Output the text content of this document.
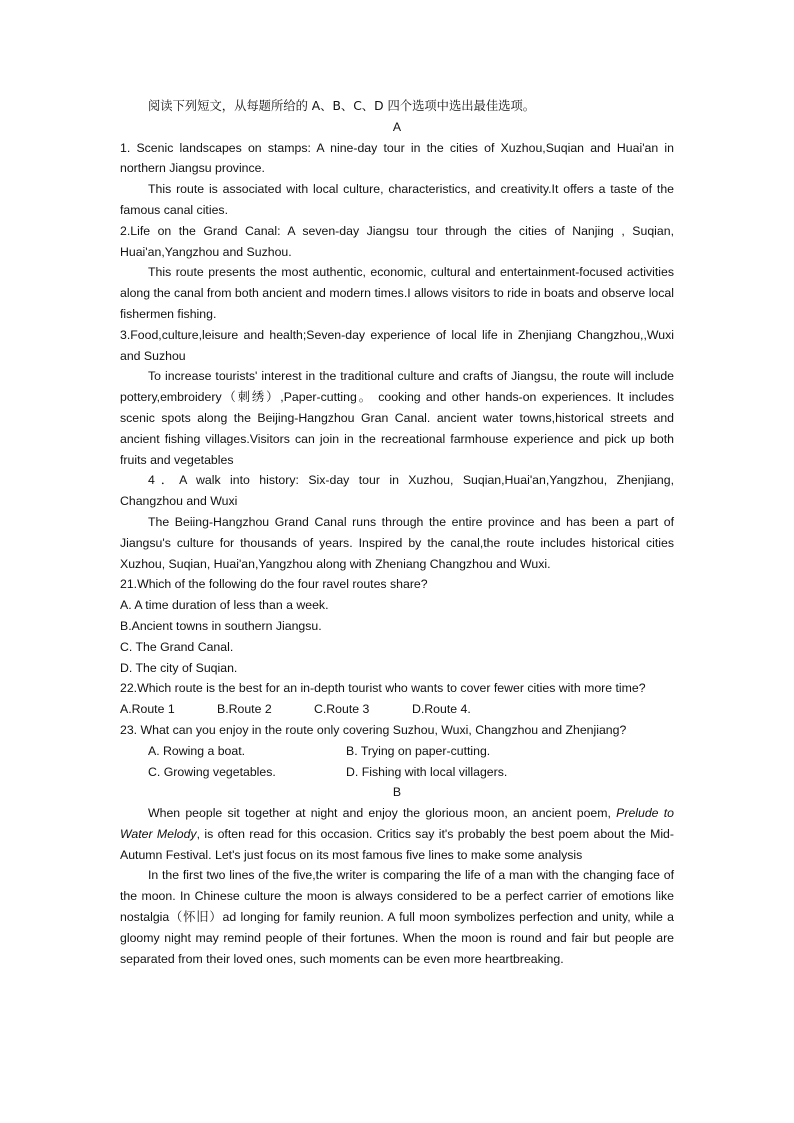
阅读下列短文，从每题所给的 A、B、C、D 四个选项中选出最佳选项。

A

1. Scenic landscapes on stamps: A nine-day tour in the cities of Xuzhou,Suqian and Huai'an in northern Jiangsu province.

This route is associated with local culture, characteristics, and creativity.It offers a taste of the famous canal cities.

2.Life on the Grand Canal: A seven-day Jiangsu tour through the cities of Nanjing , Suqian, Huai'an,Yangzhou and Suzhou.

This route presents the most authentic, economic, cultural and entertainment-focused activities along the canal from both ancient and modern times.I allows visitors to ride in boats and observe local fishermen fishing.

3.Food,culture,leisure and health;Seven-day experience of local life in Zhenjiang Changzhou,,Wuxi and Suzhou

To increase tourists' interest in the traditional culture and crafts of Jiangsu, the route will include pottery,embroidery（刺绣）,Paper-cutting。 cooking and other hands-on experiences. It includes scenic spots along the Beijing-Hangzhou Gran Canal. ancient water towns,historical streets and ancient fishing villages.Visitors can join in the recreational farmhouse experience and pick up both fruits and vegetables

4．A walk into history: Six-day tour in Xuzhou, Suqian,Huai'an,Yangzhou, Zhenjiang, Changzhou and Wuxi

The Beiing-Hangzhou Grand Canal runs through the entire province and has been a part of Jiangsu's culture for thousands of years. Inspired by the canal,the route includes historical cities Xuzhou, Suqian, Huai'an,Yangzhou along with Zheniang Changzhou and Wuxi.

21.Which of the following do the four ravel routes share?

A. A time duration of less than a week.

B.Ancient towns in southern Jiangsu.

C. The Grand Canal.

D. The city of Suqian.

22.Which route is the best for an in-depth tourist who wants to cover fewer cities with more time?

A.Route 1	B.Route 2	C.Route 3	D.Route 4.

23. What can you enjoy in the route only covering Suzhou, Wuxi, Changzhou and Zhenjiang?

A. Rowing a boat.	B. Trying on paper-cutting.
C. Growing vegetables.	D. Fishing with local villagers.

B

When people sit together at night and enjoy the glorious moon, an ancient poem, Prelude to Water Melody, is often read for this occasion. Critics say it's probably the best poem about the Mid-Autumn Festival. Let's just focus on its most famous five lines to make some analysis

In the first two lines of the five,the writer is comparing the life of a man with the changing face of the moon. In Chinese culture the moon is always considered to be a perfect carrier of emotions like nostalgia（怀旧）ad longing for family reunion. A full moon symbolizes perfection and unity, while a gloomy night may remind people of their fortunes. When the moon is round and fair but people are separated from their loved ones, such moments can be even more heartbreaking.
